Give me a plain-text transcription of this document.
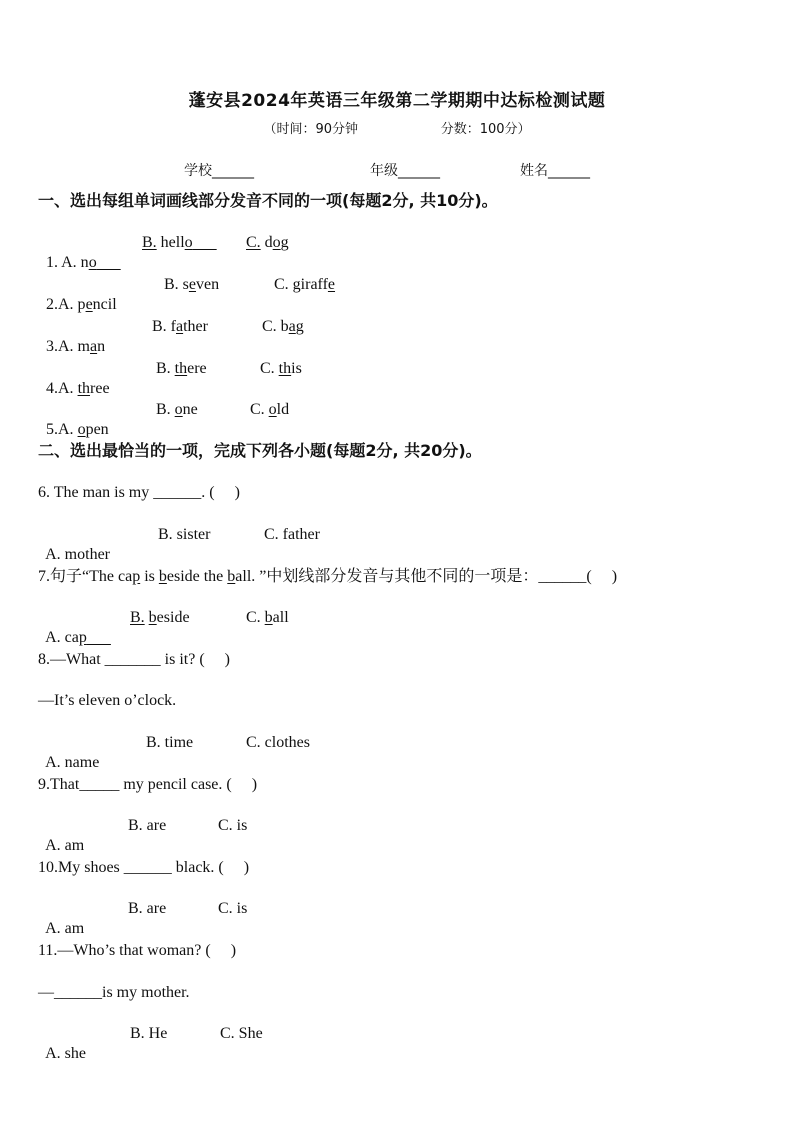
蓬安县2024年英语三年级第二学期期中达标检测试题
（时间：90分钟	分数：100分）
学校______	年级______	姓名______
一、选出每组单词画线部分发音不同的一项(每题2分, 共10分)。

1. A. no

B. hello

	C. dog

2.A. pencil

B. seven

	C. giraffe

3.A. man

B. father

	C. bag

4.A. three

B. there

	C. this

5.A. open

B. one

	C. old

二、选出最恰当的一项，完成下列各小题(每题2分, 共20分)。
6. The man is my ______. (     )

A. mother

B. sister

	C. father

7.句子“The cap is beside the ball. ”中划线部分发音与其他不同的一项是：______(     )

A. cap

B. beside

	C. ball

8.—What _______ is it? (     )
—It’s eleven o’clock.

A. name

B. time

	C. clothes

9.That_____ my pencil case. (     )

A. am

B. are

	C. is

10.My shoes ______ black. (     )

A. am

B. are

	C. is

11.—Who’s that woman? (     )
—______is my mother.

A. she

B. He

	C. She
